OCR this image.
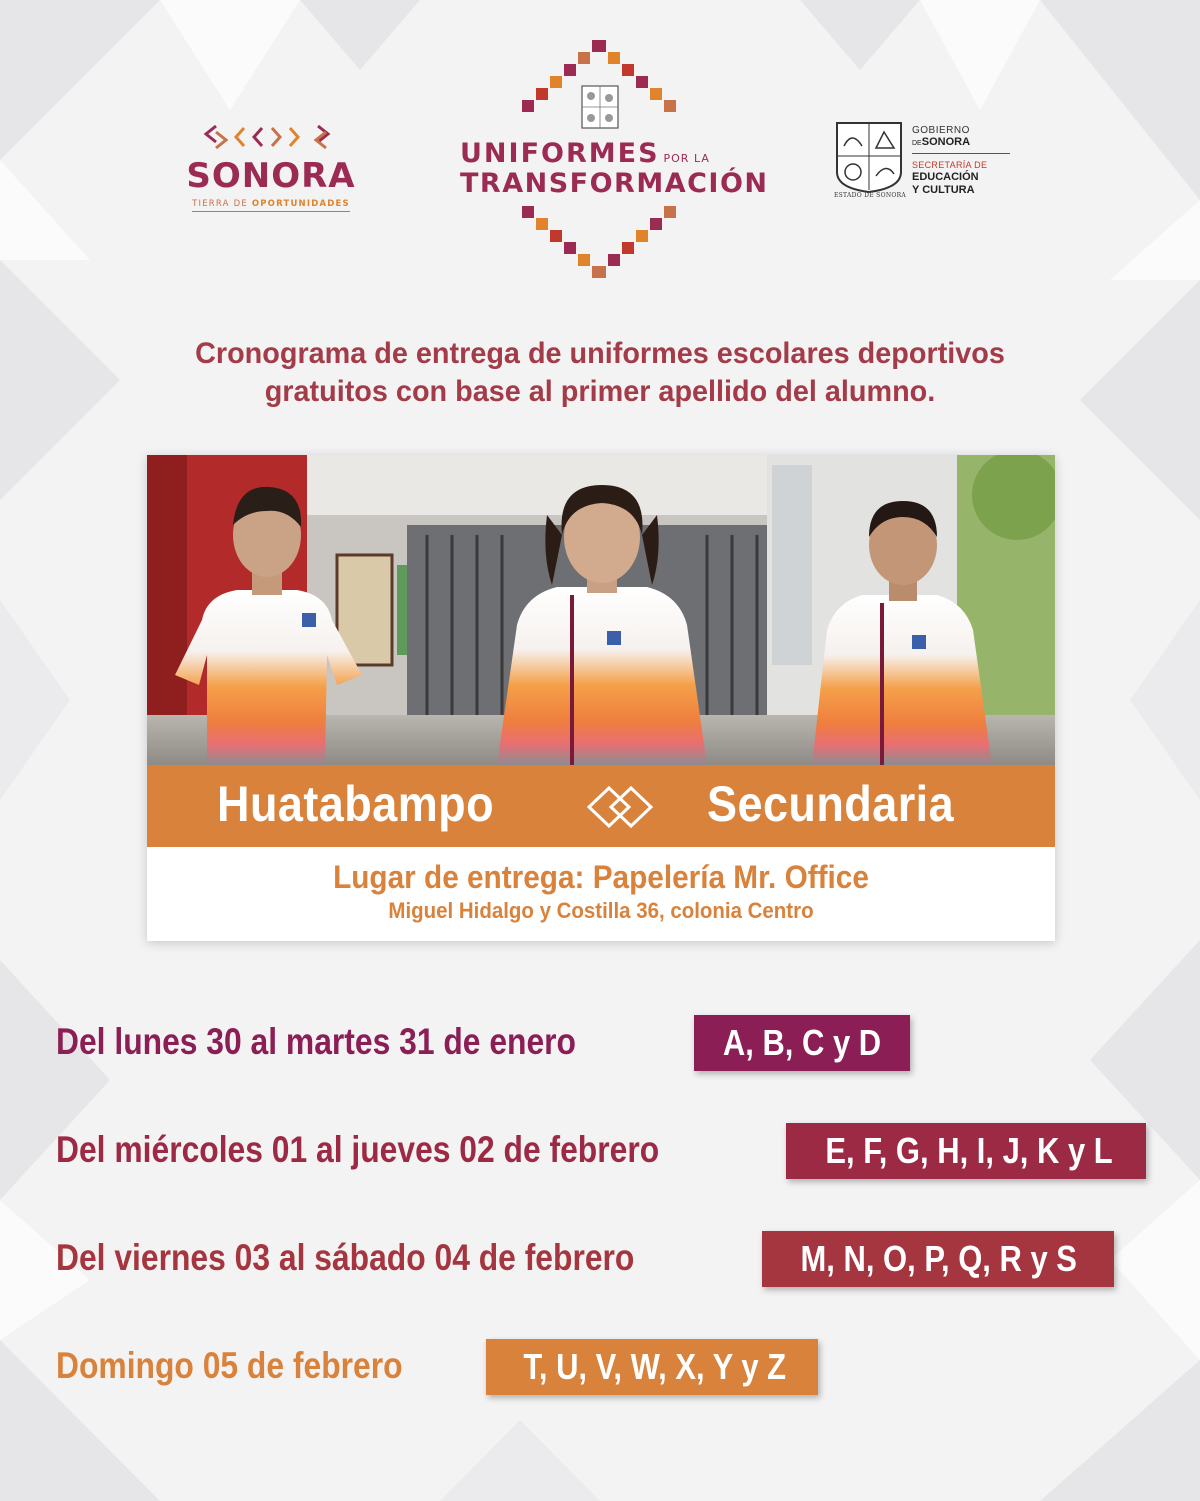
SONORA
TIERRA DE OPORTUNIDADES
UNIFORMES POR LA
TRANSFORMACIÓN	ESTADO DE SONORA
GOBIERNO
DESONORA
SECRETARÍA DE
EDUCACIÓN
Y CULTURA
Cronograma de entrega de uniformes escolares deportivos
gratuitos con base al primer apellido del alumno.
Huatabampo	Secundaria
Lugar de entrega: Papelería Mr. Office
Miguel Hidalgo y Costilla 36, colonia Centro
Del lunes 30 al martes 31 de enero	A, B, C y D
Del miércoles 01 al jueves 02 de febrero	E, F, G, H, I, J, K y L
Del viernes 03 al sábado 04 de febrero	M, N, O, P, Q, R y S
Domingo 05 de febrero	T, U, V, W, X, Y y Z
